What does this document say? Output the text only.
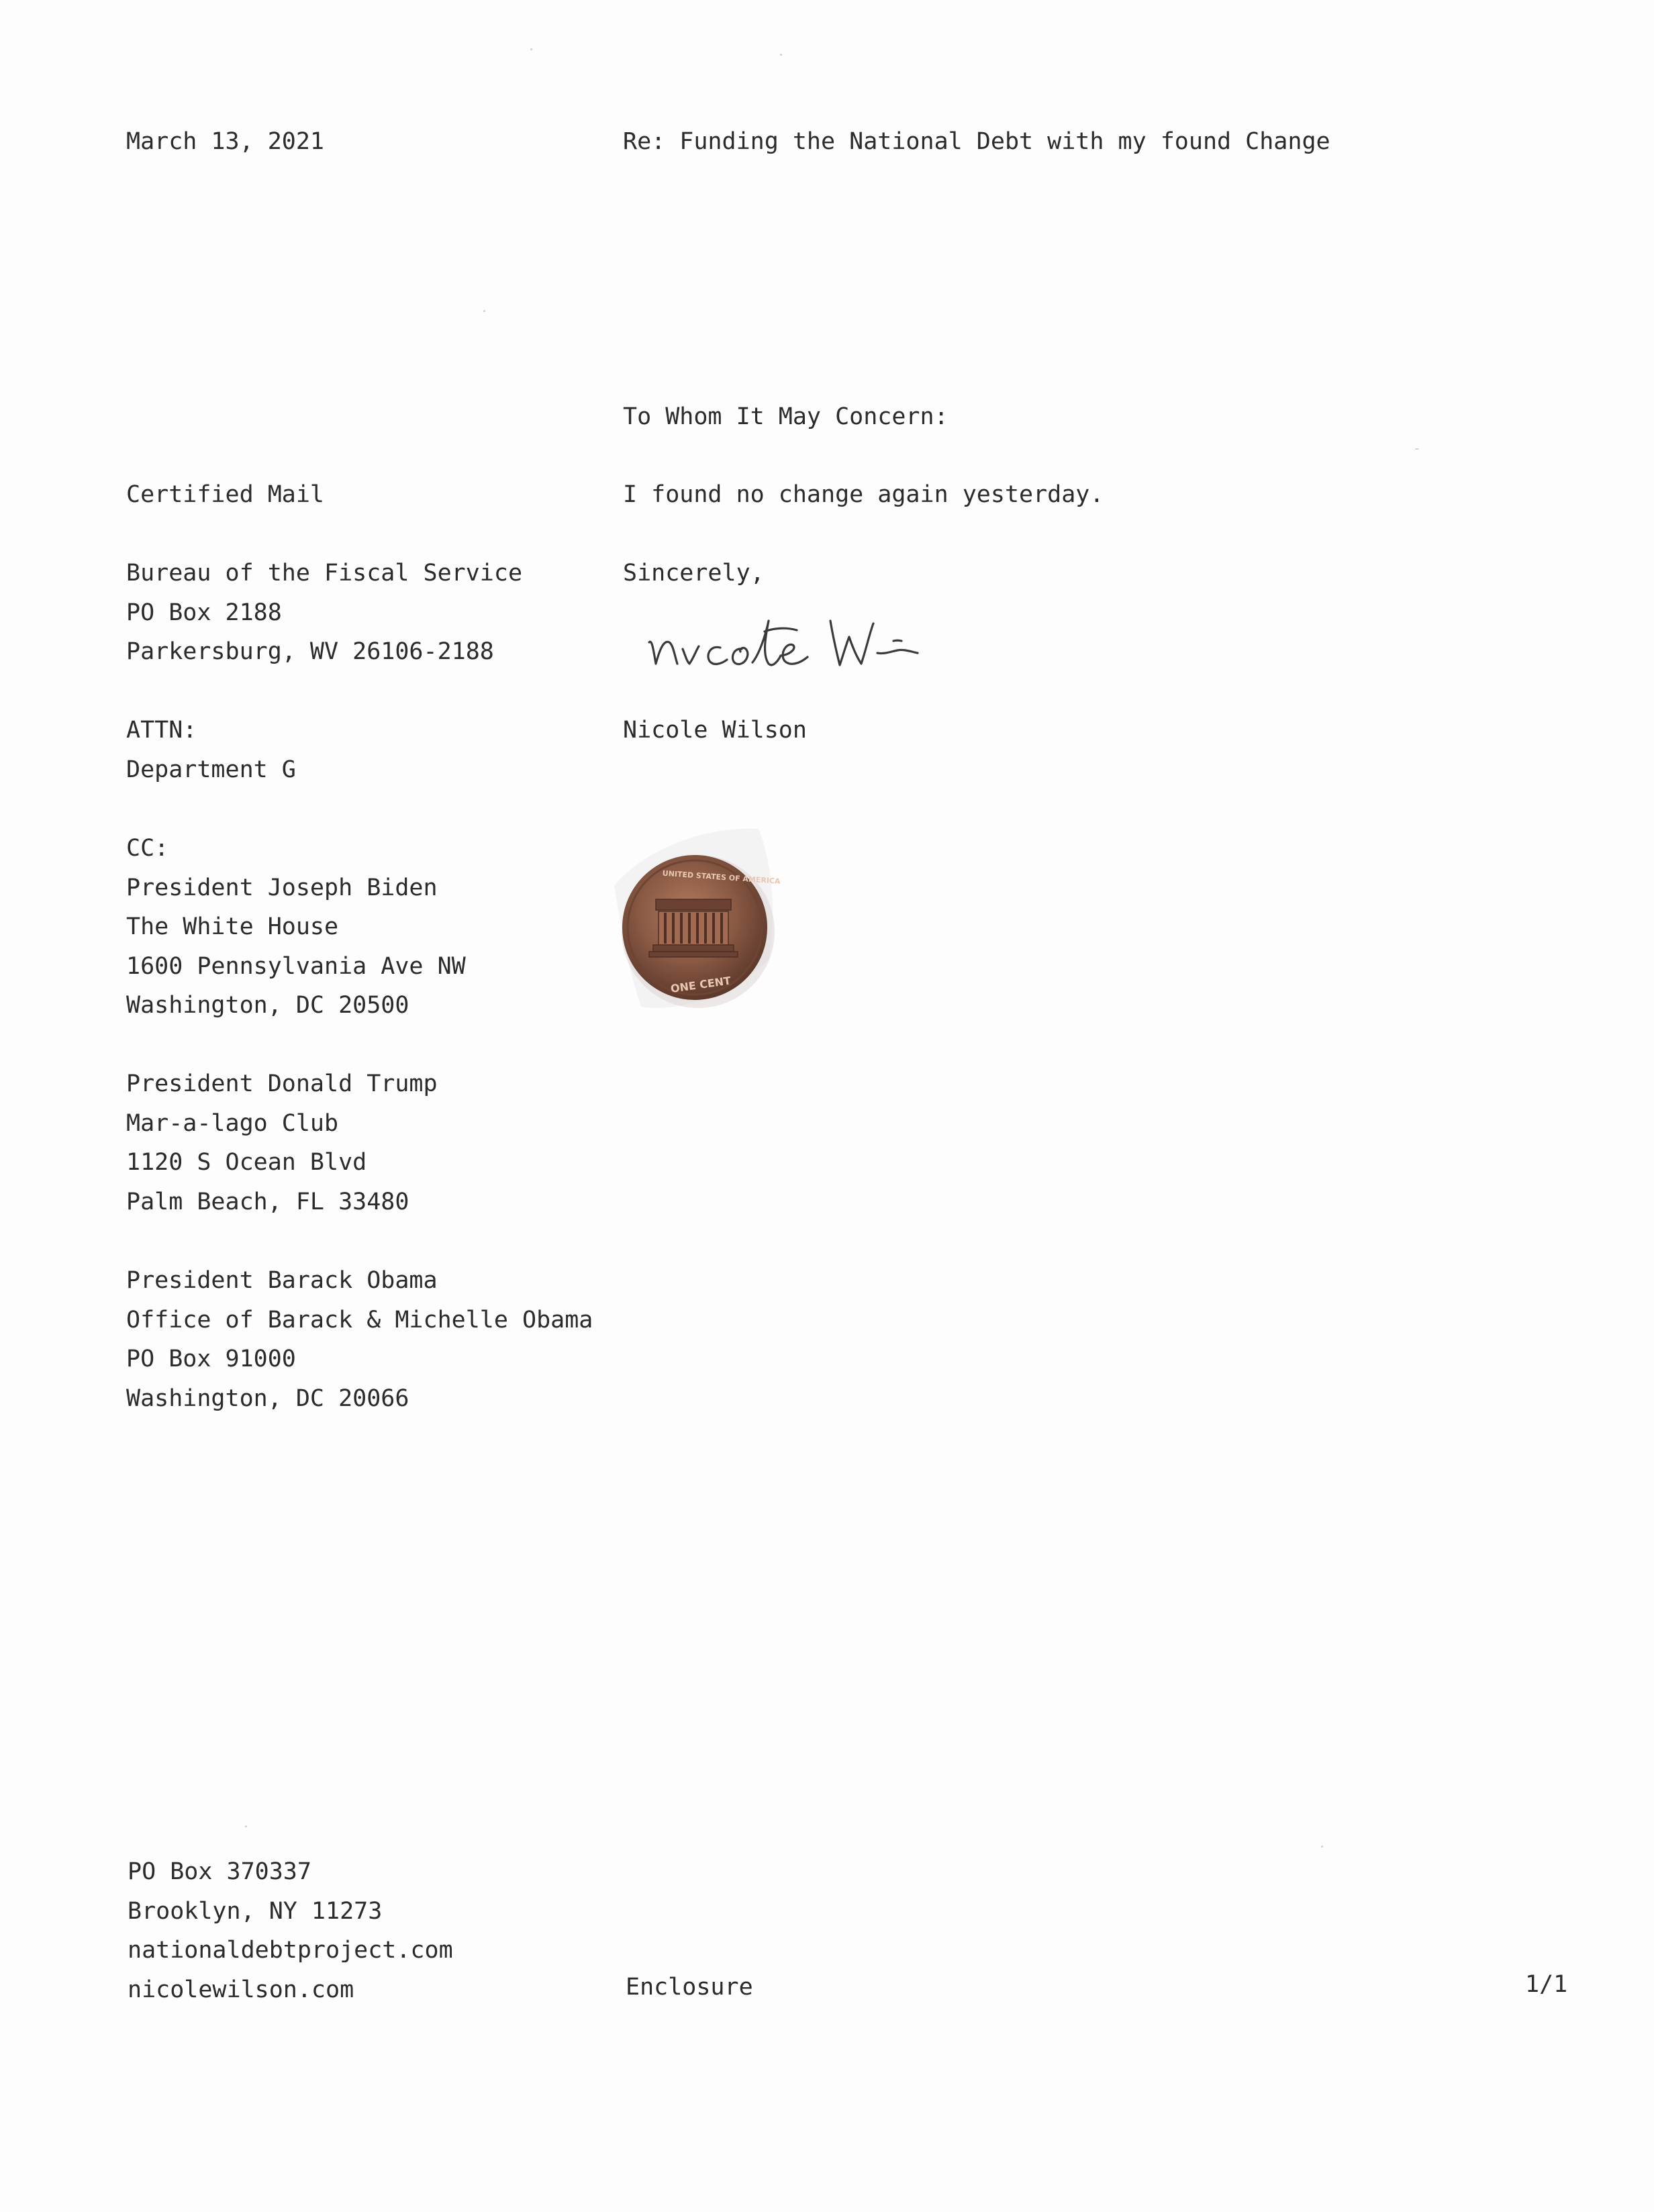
March 13, 2021	Re: Funding the National Debt with my found Change
To Whom It May Concern:
I found no change again yesterday.
Sincerely,
Nicole Wilson
ONE CENT
UNITED STATES OF AMERICA
Certified Mail
Bureau of the Fiscal Service
PO Box 2188
Parkersburg, WV 26106-2188
ATTN:
Department G
CC:
President Joseph Biden
The White House
1600 Pennsylvania Ave NW
Washington, DC 20500
President Donald Trump
Mar-a-lago Club
1120 S Ocean Blvd
Palm Beach, FL 33480
President Barack Obama
Office of Barack & Michelle Obama
PO Box 91000
Washington, DC 20066
PO Box 370337
Brooklyn, NY 11273
nationaldebtproject.com
nicolewilson.com	Enclosure	1/1
